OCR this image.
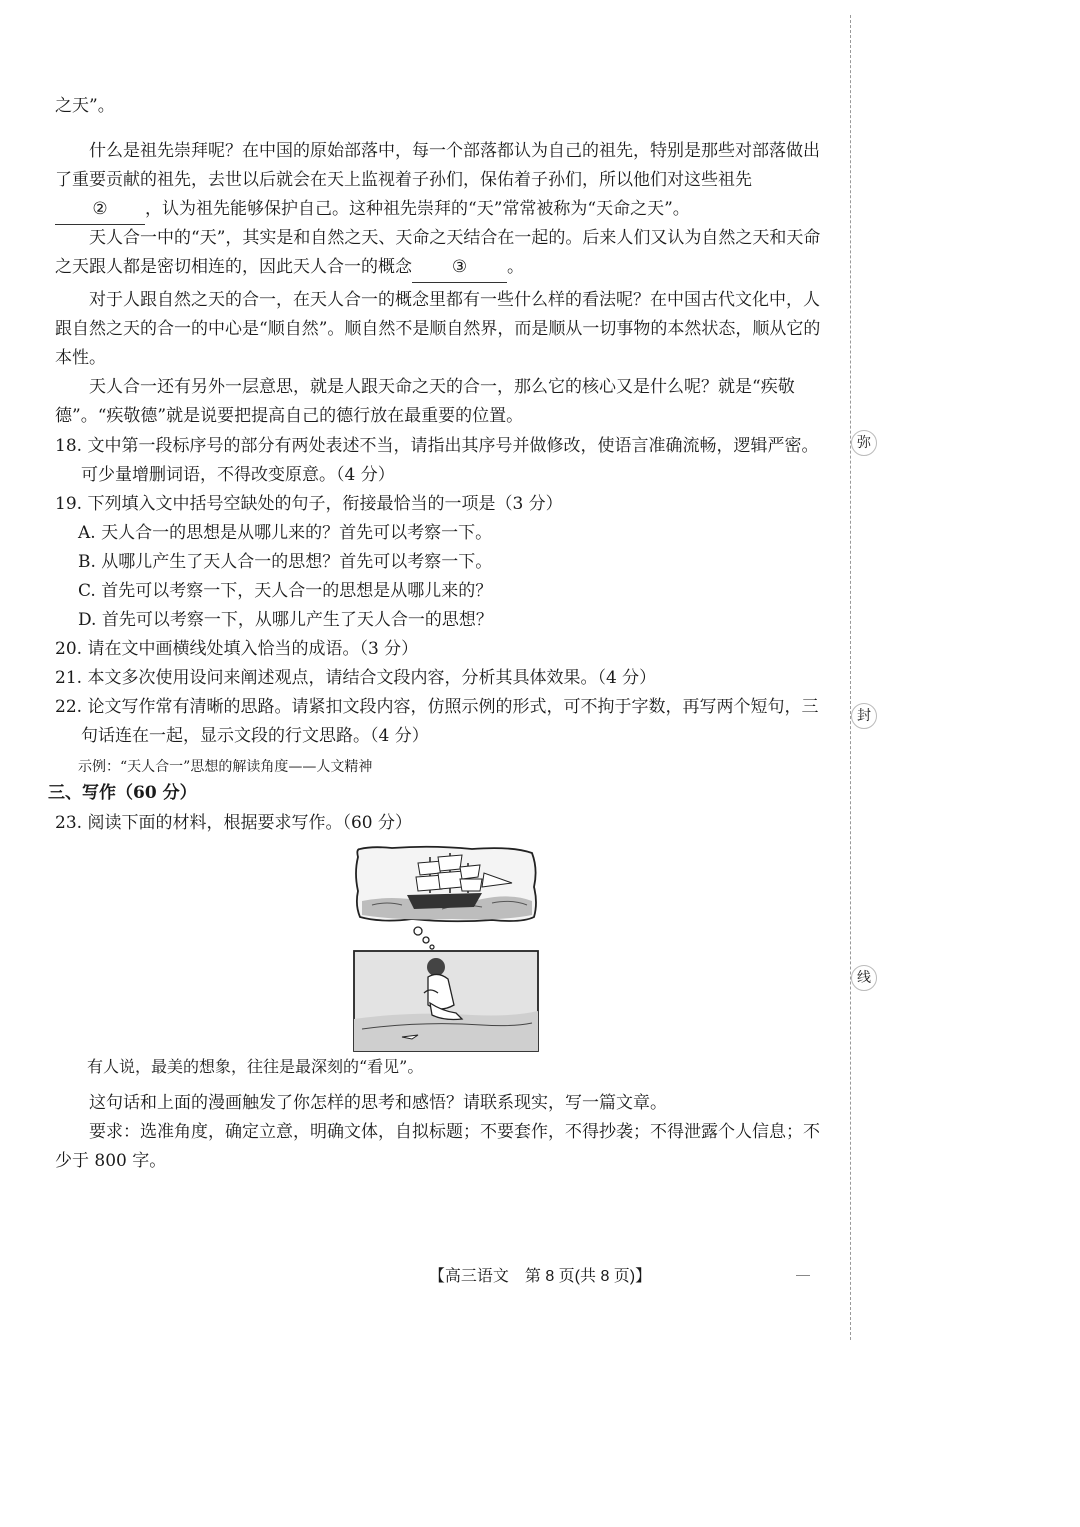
之天”。

什么是祖先崇拜呢？在中国的原始部落中，每一个部落都认为自己的祖先，特别是那些对部落做出了重要贡献的祖先，去世以后就会在天上监视着子孙们，保佑着子孙们，所以他们对这些祖先② ，认为祖先能够保护自己。这种祖先崇拜的“天”常常被称为“天命之天”。

天人合一中的“天”，其实是和自然之天、天命之天结合在一起的。后来人们又认为自然之天和天命之天跟人都是密切相连的，因此天人合一的概念 ③ 。

对于人跟自然之天的合一，在天人合一的概念里都有一些什么样的看法呢？在中国古代文化中，人跟自然之天的合一的中心是“顺自然”。顺自然不是顺自然界，而是顺从一切事物的本然状态，顺从它的本性。

天人合一还有另外一层意思，就是人跟天命之天的合一，那么它的核心又是什么呢？就是“疾敬德”。“疾敬德”就是说要把提高自己的德行放在最重要的位置。

18. 文中第一段标序号的部分有两处表述不当，请指出其序号并做修改，使语言准确流畅，逻辑严密。可少量增删词语，不得改变原意。（4 分）
19. 下列填入文中括号空缺处的句子，衔接最恰当的一项是（3 分）
A. 天人合一的思想是从哪儿来的？首先可以考察一下。
B. 从哪儿产生了天人合一的思想？首先可以考察一下。
C. 首先可以考察一下，天人合一的思想是从哪儿来的？
D. 首先可以考察一下，从哪儿产生了天人合一的思想？
20. 请在文中画横线处填入恰当的成语。（3 分）
21. 本文多次使用设问来阐述观点，请结合文段内容，分析其具体效果。（4 分）
22. 论文写作常有清晰的思路。请紧扣文段内容，仿照示例的形式，可不拘于字数，再写两个短句，三句话连在一起，显示文段的行文思路。（4 分）
示例：“天人合一”思想的解读角度——人文精神
三、写作（60 分）
23. 阅读下面的材料，根据要求写作。（60 分）

有人说，最美的想象，往往是最深刻的“看见”。

这句话和上面的漫画触发了你怎样的思考和感悟？请联系现实，写一篇文章。

要求：选准角度，确定立意，明确文体，自拟标题；不要套作，不得抄袭；不得泄露个人信息；不少于 800 字。

【高三语文　第 8 页(共 8 页)】
弥
封
线
